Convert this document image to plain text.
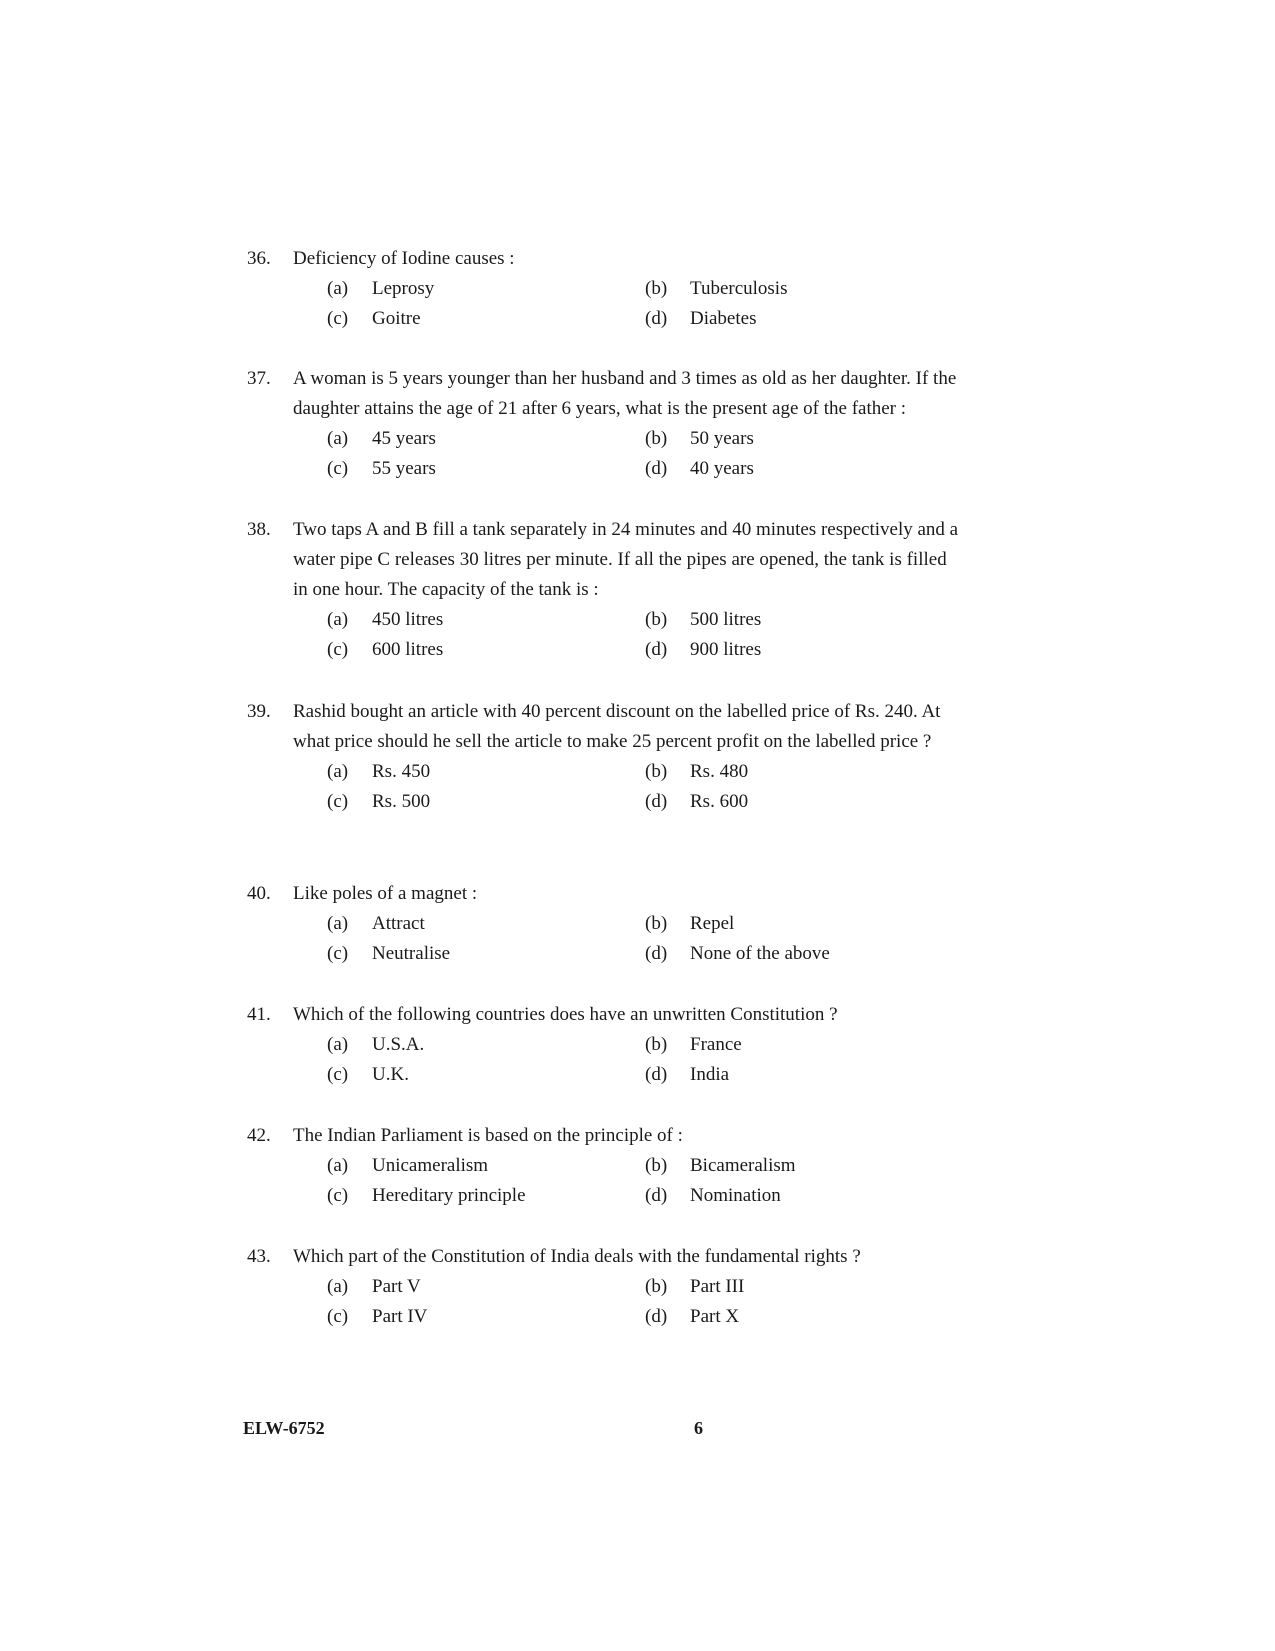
36.	Deficiency of Iodine causes :
(a)	Leprosy	(b)	Tuberculosis
(c)	Goitre	(d)	Diabetes
37.	A woman is 5 years younger than her husband and 3 times as old as her daughter. If the daughter attains the age of 21 after 6 years, what is the present age of the father :
(a)	45 years	(b)	50 years
(c)	55 years	(d)	40 years
38.	Two taps A and B fill a tank separately in 24 minutes and 40 minutes respectively and a water pipe C releases 30 litres per minute. If all the pipes are opened, the tank is filled in one hour. The capacity of the tank is :
(a)	450 litres	(b)	500 litres
(c)	600 litres	(d)	900 litres
39.	Rashid bought an article with 40 percent discount on the labelled price of Rs. 240. At what price should he sell the article to make 25 percent profit on the labelled price ?
(a)	Rs. 450	(b)	Rs. 480
(c)	Rs. 500	(d)	Rs. 600
40.	Like poles of a magnet :
(a)	Attract	(b)	Repel
(c)	Neutralise	(d)	None of the above
41.	Which of the following countries does have an unwritten Constitution ?
(a)	U.S.A.	(b)	France
(c)	U.K.	(d)	India
42.	The Indian Parliament is based on the principle of :
(a)	Unicameralism	(b)	Bicameralism
(c)	Hereditary principle	(d)	Nomination
43.	Which part of the Constitution of India deals with the fundamental rights ?
(a)	Part V	(b)	Part III
(c)	Part IV	(d)	Part X
ELW-6752	6
